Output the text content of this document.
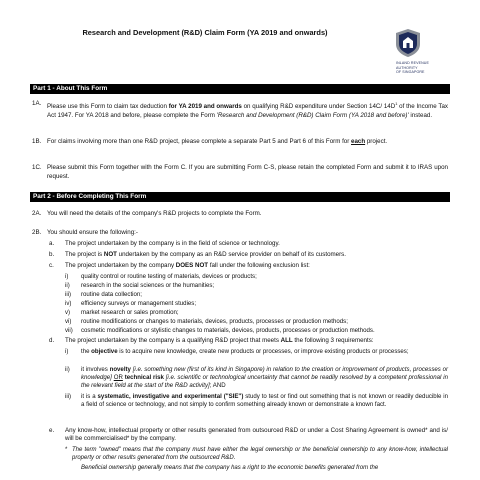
Research and Development (R&D) Claim Form (YA 2019 and onwards)
INLAND REVENUE
AUTHORITY
OF SINGAPORE
Part 1 - About This Form
1A. Please use this Form to claim tax deduction for YA 2019 and onwards on qualifying R&D expenditure under Section 14C/ $14D^1$ of the Income Tax Act 1947. For YA 2018 and before, please complete the Form 'Research and Development (R&D) Claim Form (YA 2018 and before)' instead.
1B. For claims involving more than one R&D project, please complete a separate Part 5 and Part 6 of this Form for each project.
1C. Please submit this Form together with the Form C. If you are submitting Form C-S, please retain the completed Form and submit it to IRAS upon request.
Part 2 - Before Completing This Form
2A. You will need the details of the company's R&D projects to complete the Form.
2B. You should ensure the following:-
a. The project undertaken by the company is in the field of science or technology.
b. The project is NOT undertaken by the company as an R&D service provider on behalf of its customers.
c. The project undertaken by the company DOES NOT fall under the following exclusion list:
i) quality control or routine testing of materials, devices or products;
ii) research in the social sciences or the humanities;
iii) routine data collection;
iv) efficiency surveys or management studies;
v) market research or sales promotion;
vi) routine modifications or changes to materials, devices, products, processes or production methods;
vii) cosmetic modifications or stylistic changes to materials, devices, products, processes or production methods.
d. The project undertaken by the company is a qualifying R&D project that meets ALL the following 3 requirements:
i) the objective is to acquire new knowledge, create new products or processes, or improve existing products or processes;
ii) it involves novelty [i.e. something new (first of its kind in Singapore) in relation to the creation or improvement of products, processes or knowledge] OR technical risk [i.e. scientific or technological uncertainty that cannot be readily resolved by a competent professional in the relevant field at the start of the R&D activity]; AND
iii) it is a systematic, investigative and experimental ("SIE") study to test or find out something that is not known or readily deducible in a field of science or technology, and not simply to confirm something already known or demonstrate a known fact.
e. Any know-how, intellectual property or other results generated from outsourced R&D or under a Cost Sharing Agreement is owned* and is/ will be commercialised* by the company.
* The term "owned" means that the company must have either the legal ownership or the beneficial ownership to any know-how, intellectual property or other results generated from the outsourced R&D.
Beneficial ownership generally means that the company has a right to the economic benefits generated from the
